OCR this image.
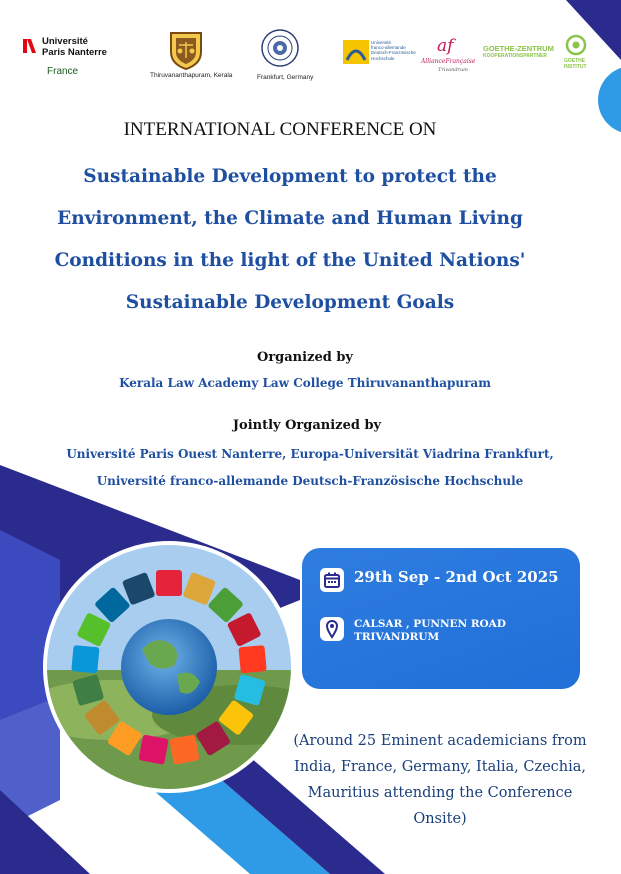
Université
Paris Nanterre
France	Thiruvananthapuram, Kerala	Frankfurt, Germany
Université
franco-allemande
Deutsch-Französische
Hochschule
af
AllianceFrançaise
Trivandrum
GOETHE-ZENTRUM
KOOPERATIONSPARTNER
GOETHE
INSTITUT
INTERNATIONAL CONFERENCE ON
Sustainable Development to protect the
Environment, the Climate and Human Living
Conditions in the light of the United Nations'
Sustainable Development Goals
Organized by
Kerala Law Academy Law College Thiruvananthapuram
Jointly Organized by
Université Paris Ouest Nanterre, Europa-Universität Viadrina Frankfurt,
Université franco-allemande Deutsch-Französische Hochschule
29th Sep - 2nd Oct 2025
CALSAR , PUNNEN ROAD
TRIVANDRUM
(Around 25 Eminent academicians from
India, France, Germany, Italia, Czechia,
Mauritius attending the Conference
Onsite)
